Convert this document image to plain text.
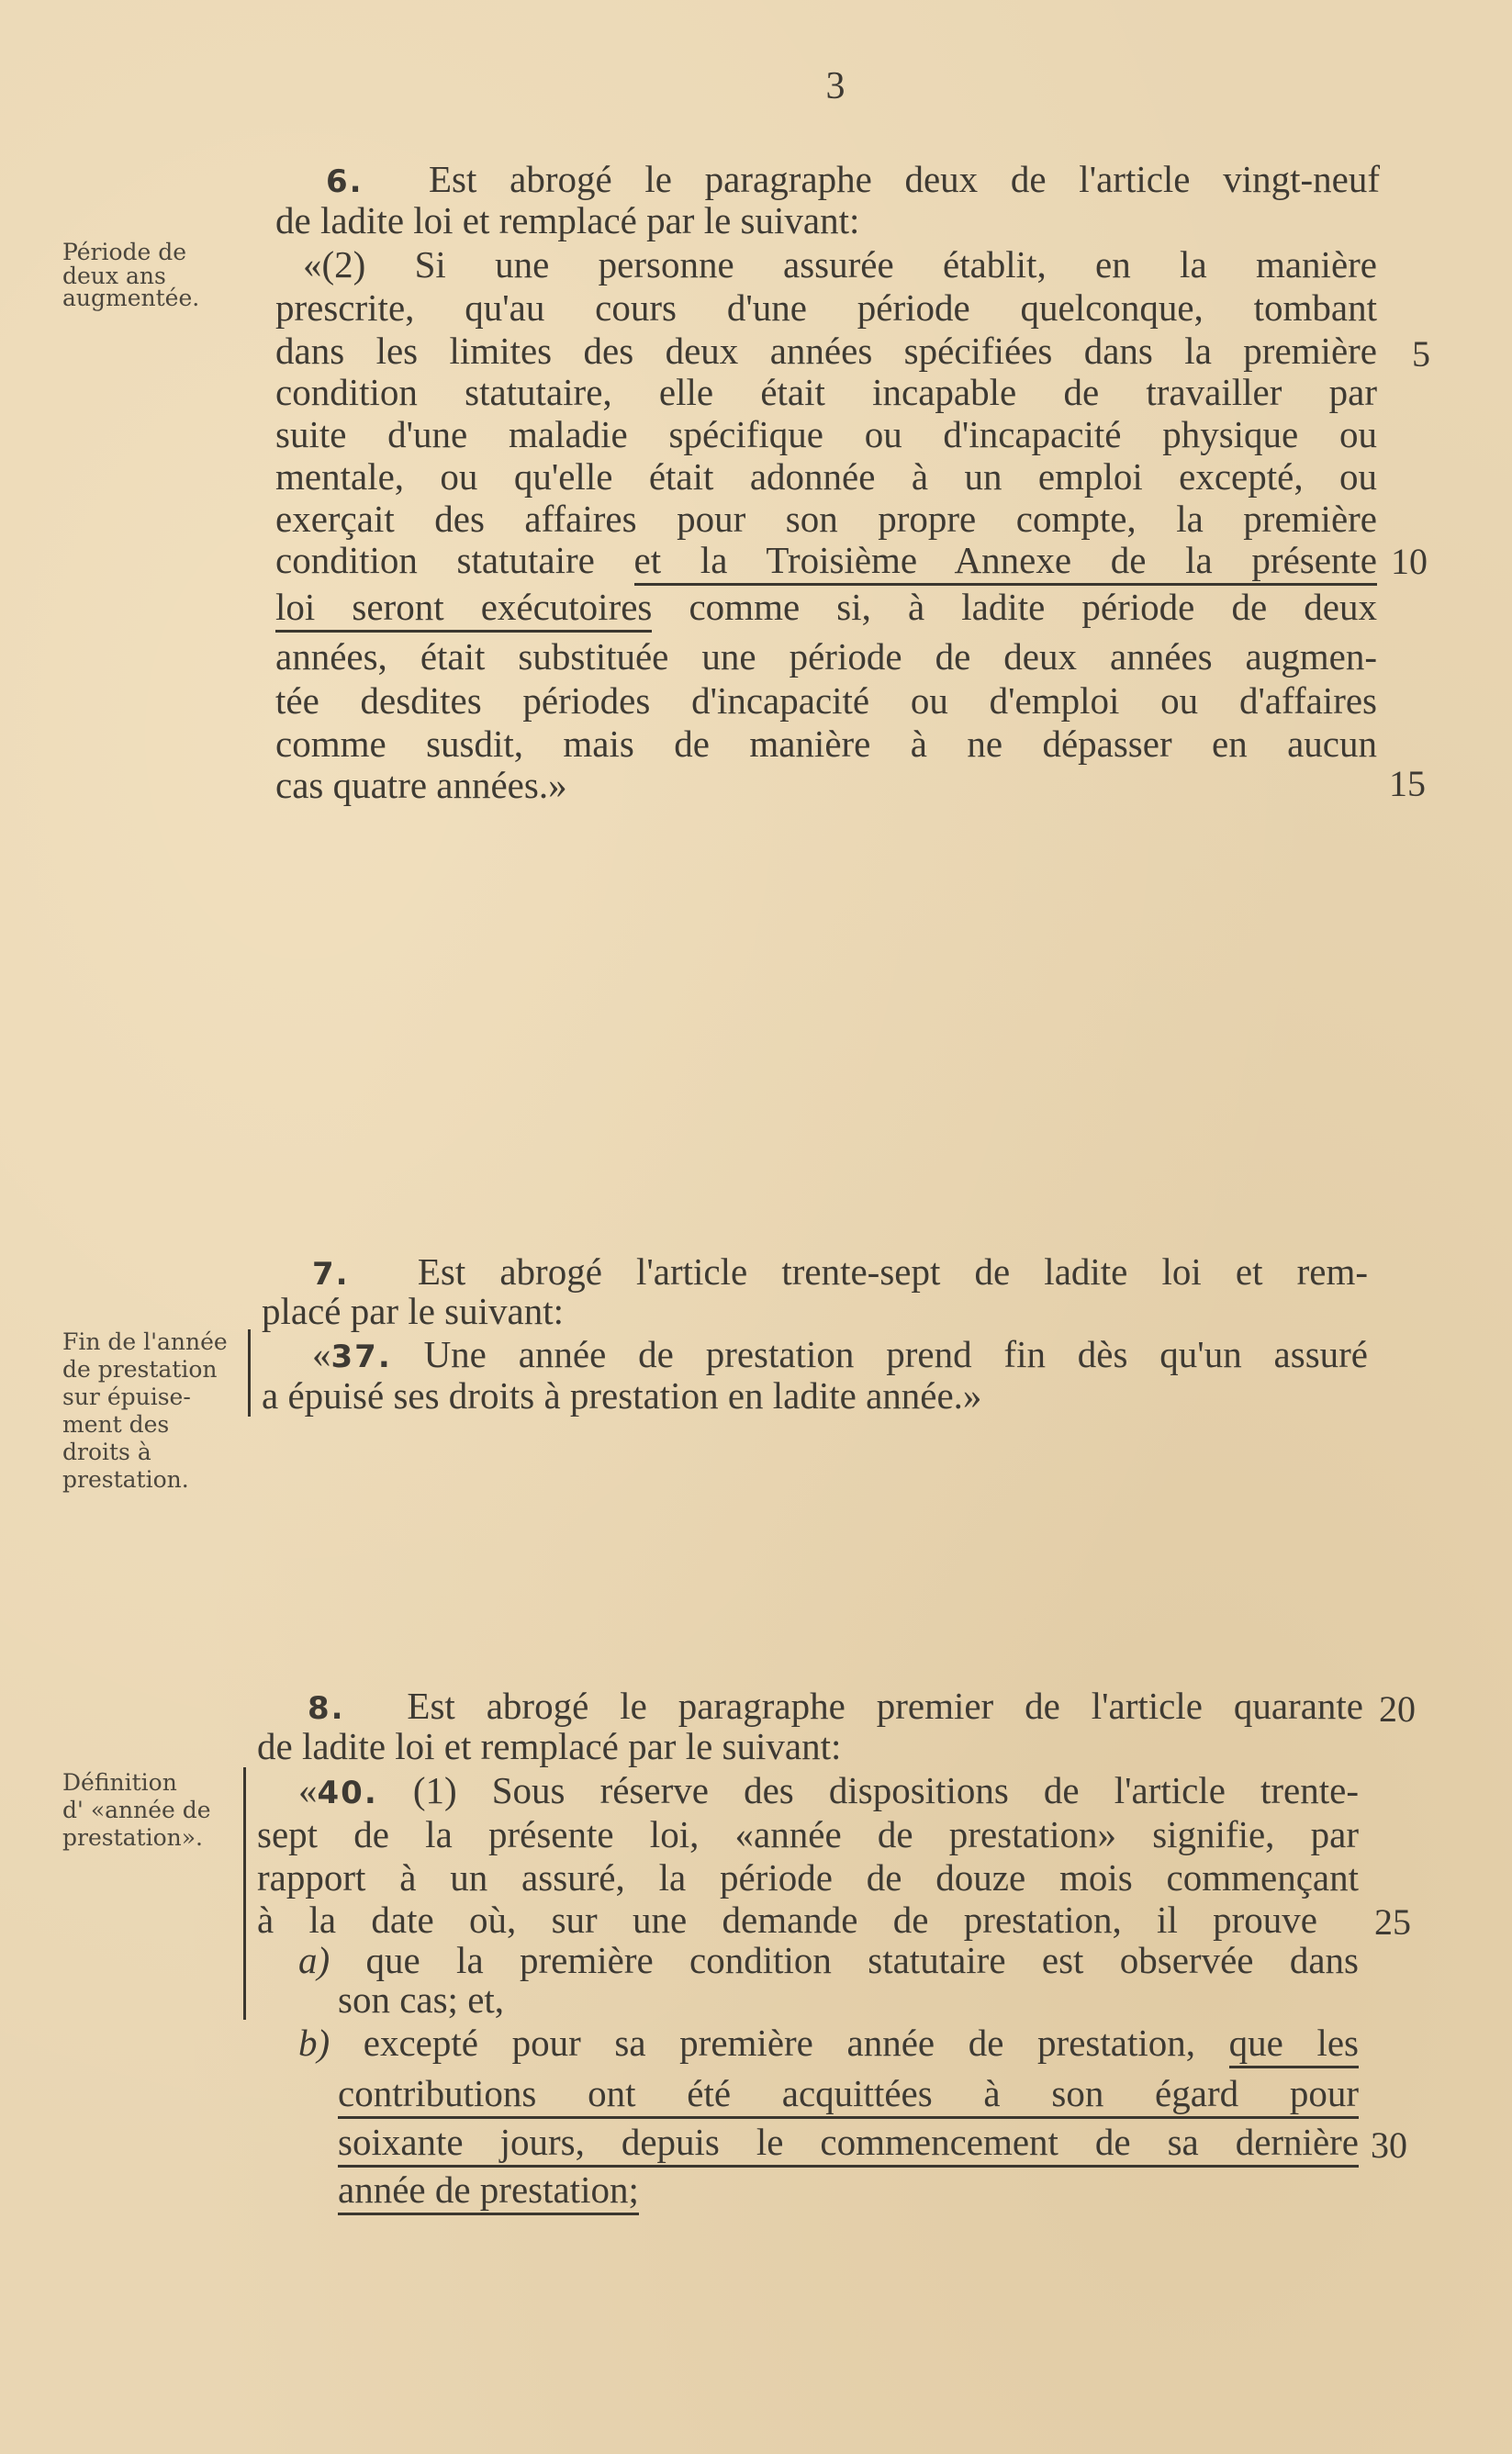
3
Période de
deux ans
augmentée.
6. Est abrogé le paragraphe deux de l'article vingt-neuf
de ladite loi et remplacé par le suivant:
«(2) Si une personne assurée établit, en la manière
prescrite, qu'au cours d'une période quelconque, tombant
dans les limites des deux années spécifiées dans la première
condition statutaire, elle était incapable de travailler par
suite d'une maladie spécifique ou d'incapacité physique ou
mentale, ou qu'elle était adonnée à un emploi excepté, ou
exerçait des affaires pour son propre compte, la première
condition statutaire et la Troisième Annexe de la présente
loi seront exécutoires comme si, à ladite période de deux
années, était substituée une période de deux années augmen-
tée desdites périodes d'incapacité ou d'emploi ou d'affaires
comme susdit, mais de manière à ne dépasser en aucun
cas quatre années.»
5
10
15
Fin de l'année
de prestation
sur épuise-
ment des
droits à
prestation.
7. Est abrogé l'article trente-sept de ladite loi et rem-
placé par le suivant:
«37. Une année de prestation prend fin dès qu'un assuré
a épuisé ses droits à prestation en ladite année.»
Définition
d' «année de
prestation».
8. Est abrogé le paragraphe premier de l'article quarante
de ladite loi et remplacé par le suivant:
«40. (1) Sous réserve des dispositions de l'article trente-
sept de la présente loi, «année de prestation» signifie, par
rapport à un assuré, la période de douze mois commençant
à la date où, sur une demande de prestation, il prouve
a) que la première condition statutaire est observée dans
son cas; et,
b) excepté pour sa première année de prestation, que les
contributions ont été acquittées à son égard pour
soixante jours, depuis le commencement de sa dernière
année de prestation;
20
25
30
